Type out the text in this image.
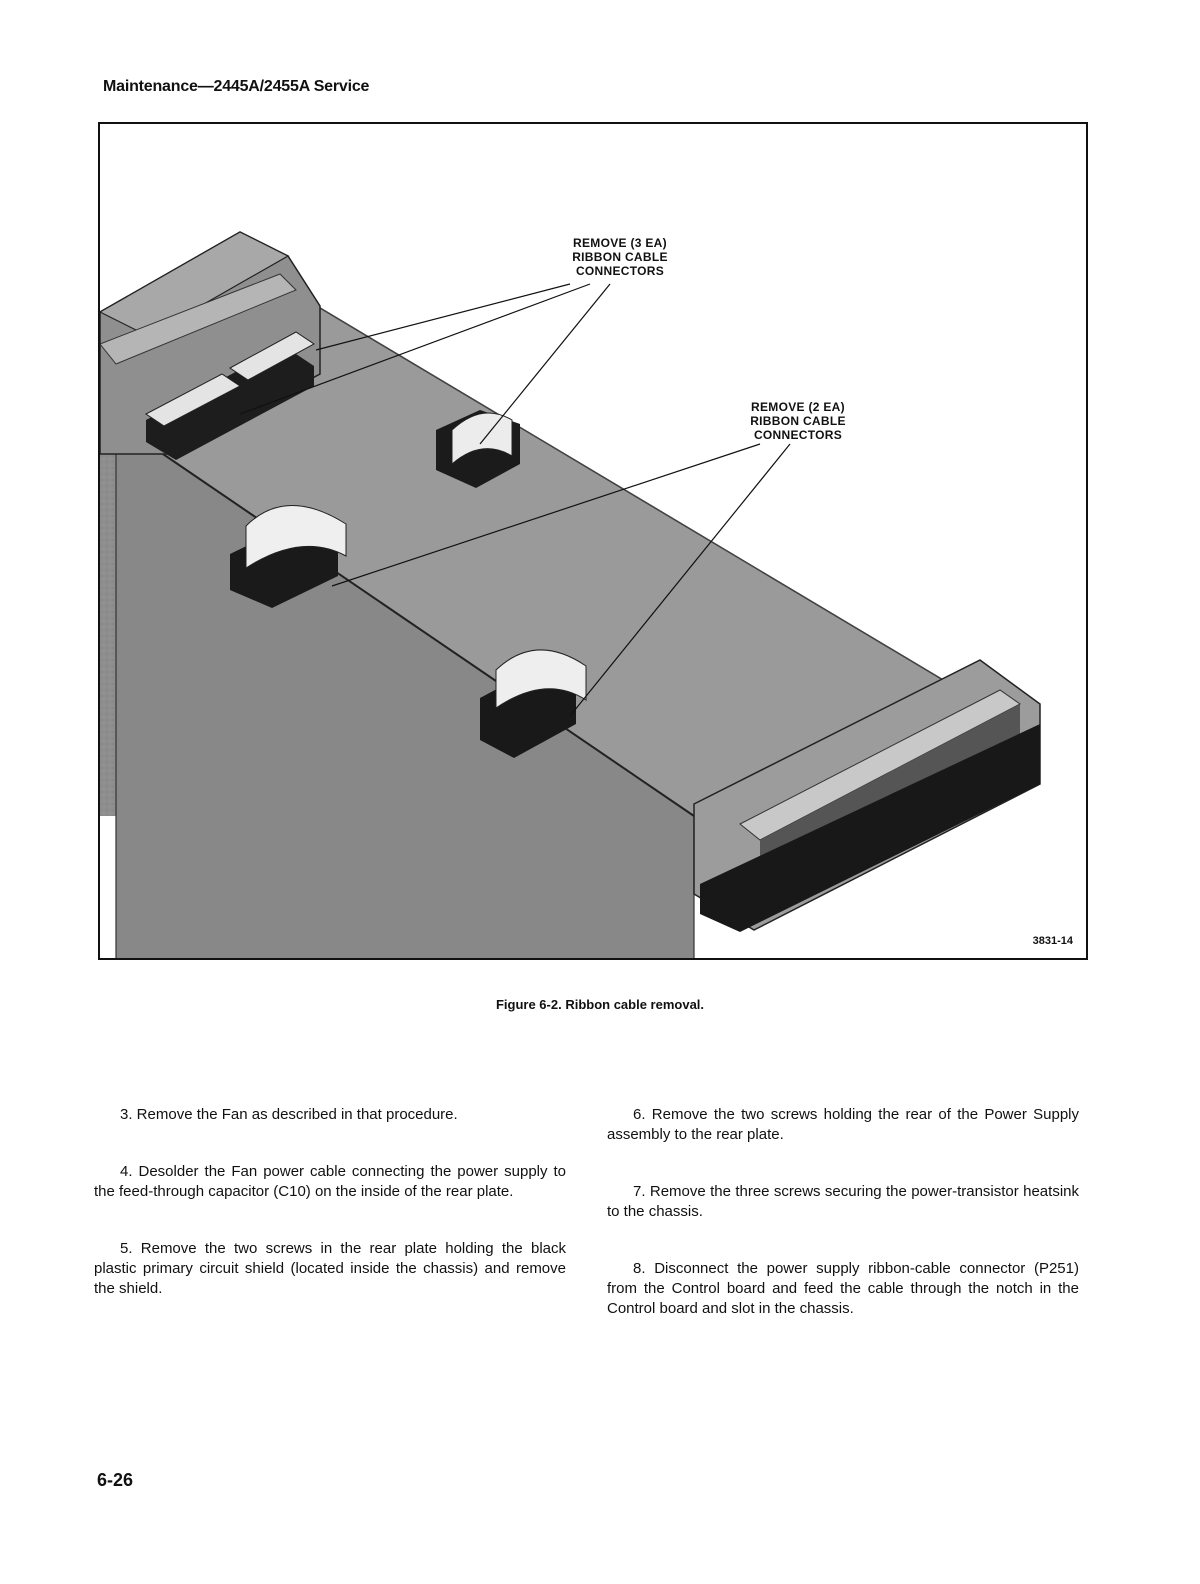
Maintenance—2445A/2455A Service
REMOVE (3 EA)
RIBBON CABLE
CONNECTORS
REMOVE (2 EA)
RIBBON CABLE
CONNECTORS
3831-14
Figure 6-2. Ribbon cable removal.

3. Remove the Fan as described in that procedure.

4. Desolder the Fan power cable connecting the power supply to the feed-through capacitor (C10) on the inside of the rear plate.

5. Remove the two screws in the rear plate holding the black plastic primary circuit shield (located inside the chassis) and remove the shield.

6. Remove the two screws holding the rear of the Power Supply assembly to the rear plate.

7. Remove the three screws securing the power-transistor heatsink to the chassis.

8. Disconnect the power supply ribbon-cable connector (P251) from the Control board and feed the cable through the notch in the Control board and slot in the chassis.

6-26
